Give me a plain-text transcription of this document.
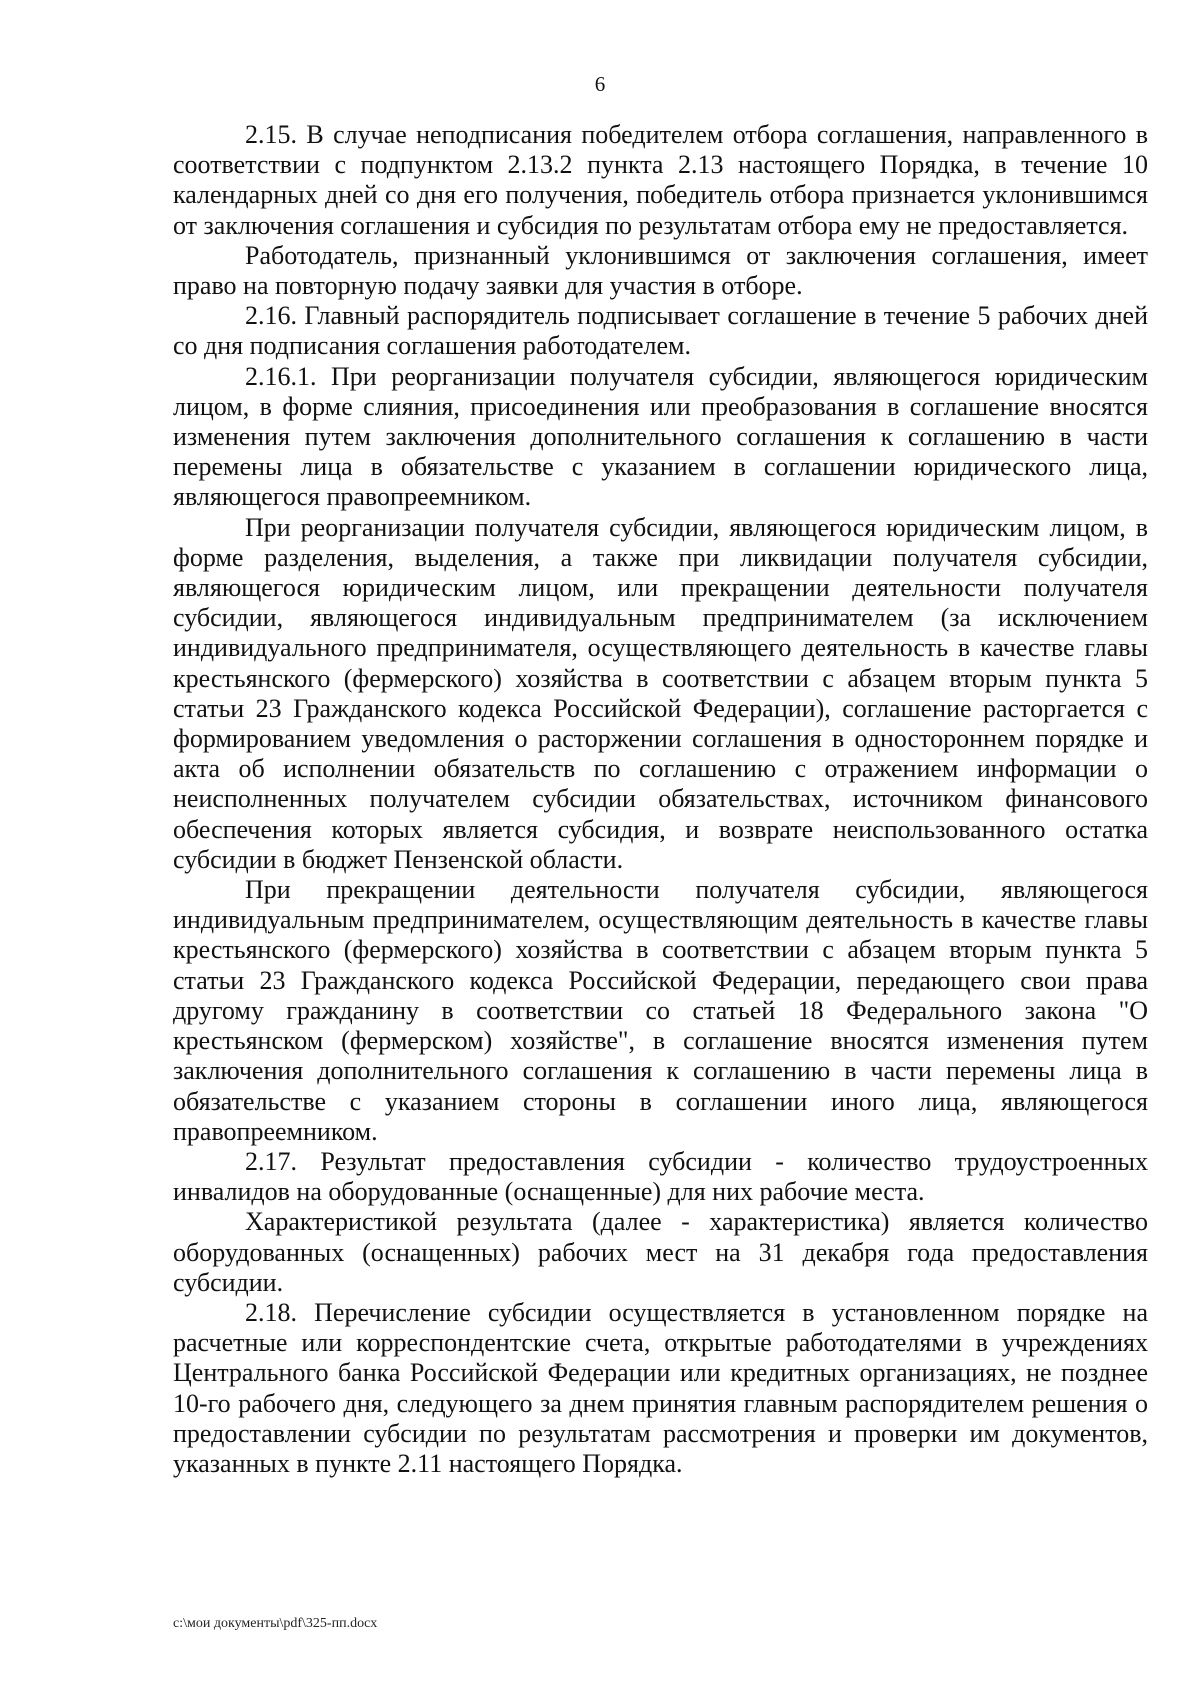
6

2.15. В случае неподписания победителем отбора соглашения, направленного в соответствии с подпунктом 2.13.2 пункта 2.13 настоящего Порядка, в течение 10 календарных дней со дня его получения, победитель отбора признается уклонившимся от заключения соглашения и субсидия по результатам отбора ему не предоставляется.

Работодатель, признанный уклонившимся от заключения соглашения, имеет право на повторную подачу заявки для участия в отборе.

2.16. Главный распорядитель подписывает соглашение в течение 5 рабочих дней со дня подписания соглашения работодателем.

2.16.1. При реорганизации получателя субсидии, являющегося юридическим лицом, в форме слияния, присоединения или преобразования в соглашение вносятся изменения путем заключения дополнительного соглашения к соглашению в части перемены лица в обязательстве с указанием в соглашении юридического лица, являющегося правопреемником.

При реорганизации получателя субсидии, являющегося юридическим лицом, в форме разделения, выделения, а также при ликвидации получателя субсидии, являющегося юридическим лицом, или прекращении деятельности получателя субсидии, являющегося индивидуальным предпринимателем (за исключением индивидуального предпринимателя, осуществляющего деятельность в качестве главы крестьянского (фермерского) хозяйства в соответствии с абзацем вторым пункта 5 статьи 23 Гражданского кодекса Российской Федерации), соглашение расторгается с формированием уведомления о расторжении соглашения в одностороннем порядке и акта об исполнении обязательств по соглашению с отражением информации о неисполненных получателем субсидии обязательствах, источником финансового обеспечения которых является субсидия, и возврате неиспользованного остатка субсидии в бюджет Пензенской области.

При прекращении деятельности получателя субсидии, являющегося индивидуальным предпринимателем, осуществляющим деятельность в качестве главы крестьянского (фермерского) хозяйства в соответствии с абзацем вторым пункта 5 статьи 23 Гражданского кодекса Российской Федерации, передающего свои права другому гражданину в соответствии со статьей 18 Федерального закона "О крестьянском (фермерском) хозяйстве", в соглашение вносятся изменения путем заключения дополнительного соглашения к соглашению в части перемены лица в обязательстве с указанием стороны в соглашении иного лица, являющегося правопреемником.

2.17. Результат предоставления субсидии - количество трудоустроенных инвалидов на оборудованные (оснащенные) для них рабочие места.

Характеристикой результата (далее - характеристика) является количество оборудованных (оснащенных) рабочих мест на 31 декабря года предоставления субсидии.

2.18. Перечисление субсидии осуществляется в установленном порядке на расчетные или корреспондентские счета, открытые работодателями в учреждениях Центрального банка Российской Федерации или кредитных организациях, не позднее 10-го рабочего дня, следующего за днем принятия главным распорядителем решения о предоставлении субсидии по результатам рассмотрения и проверки им документов, указанных в пункте 2.11 настоящего Порядка.

c:\мои документы\pdf\325-пп.docx
